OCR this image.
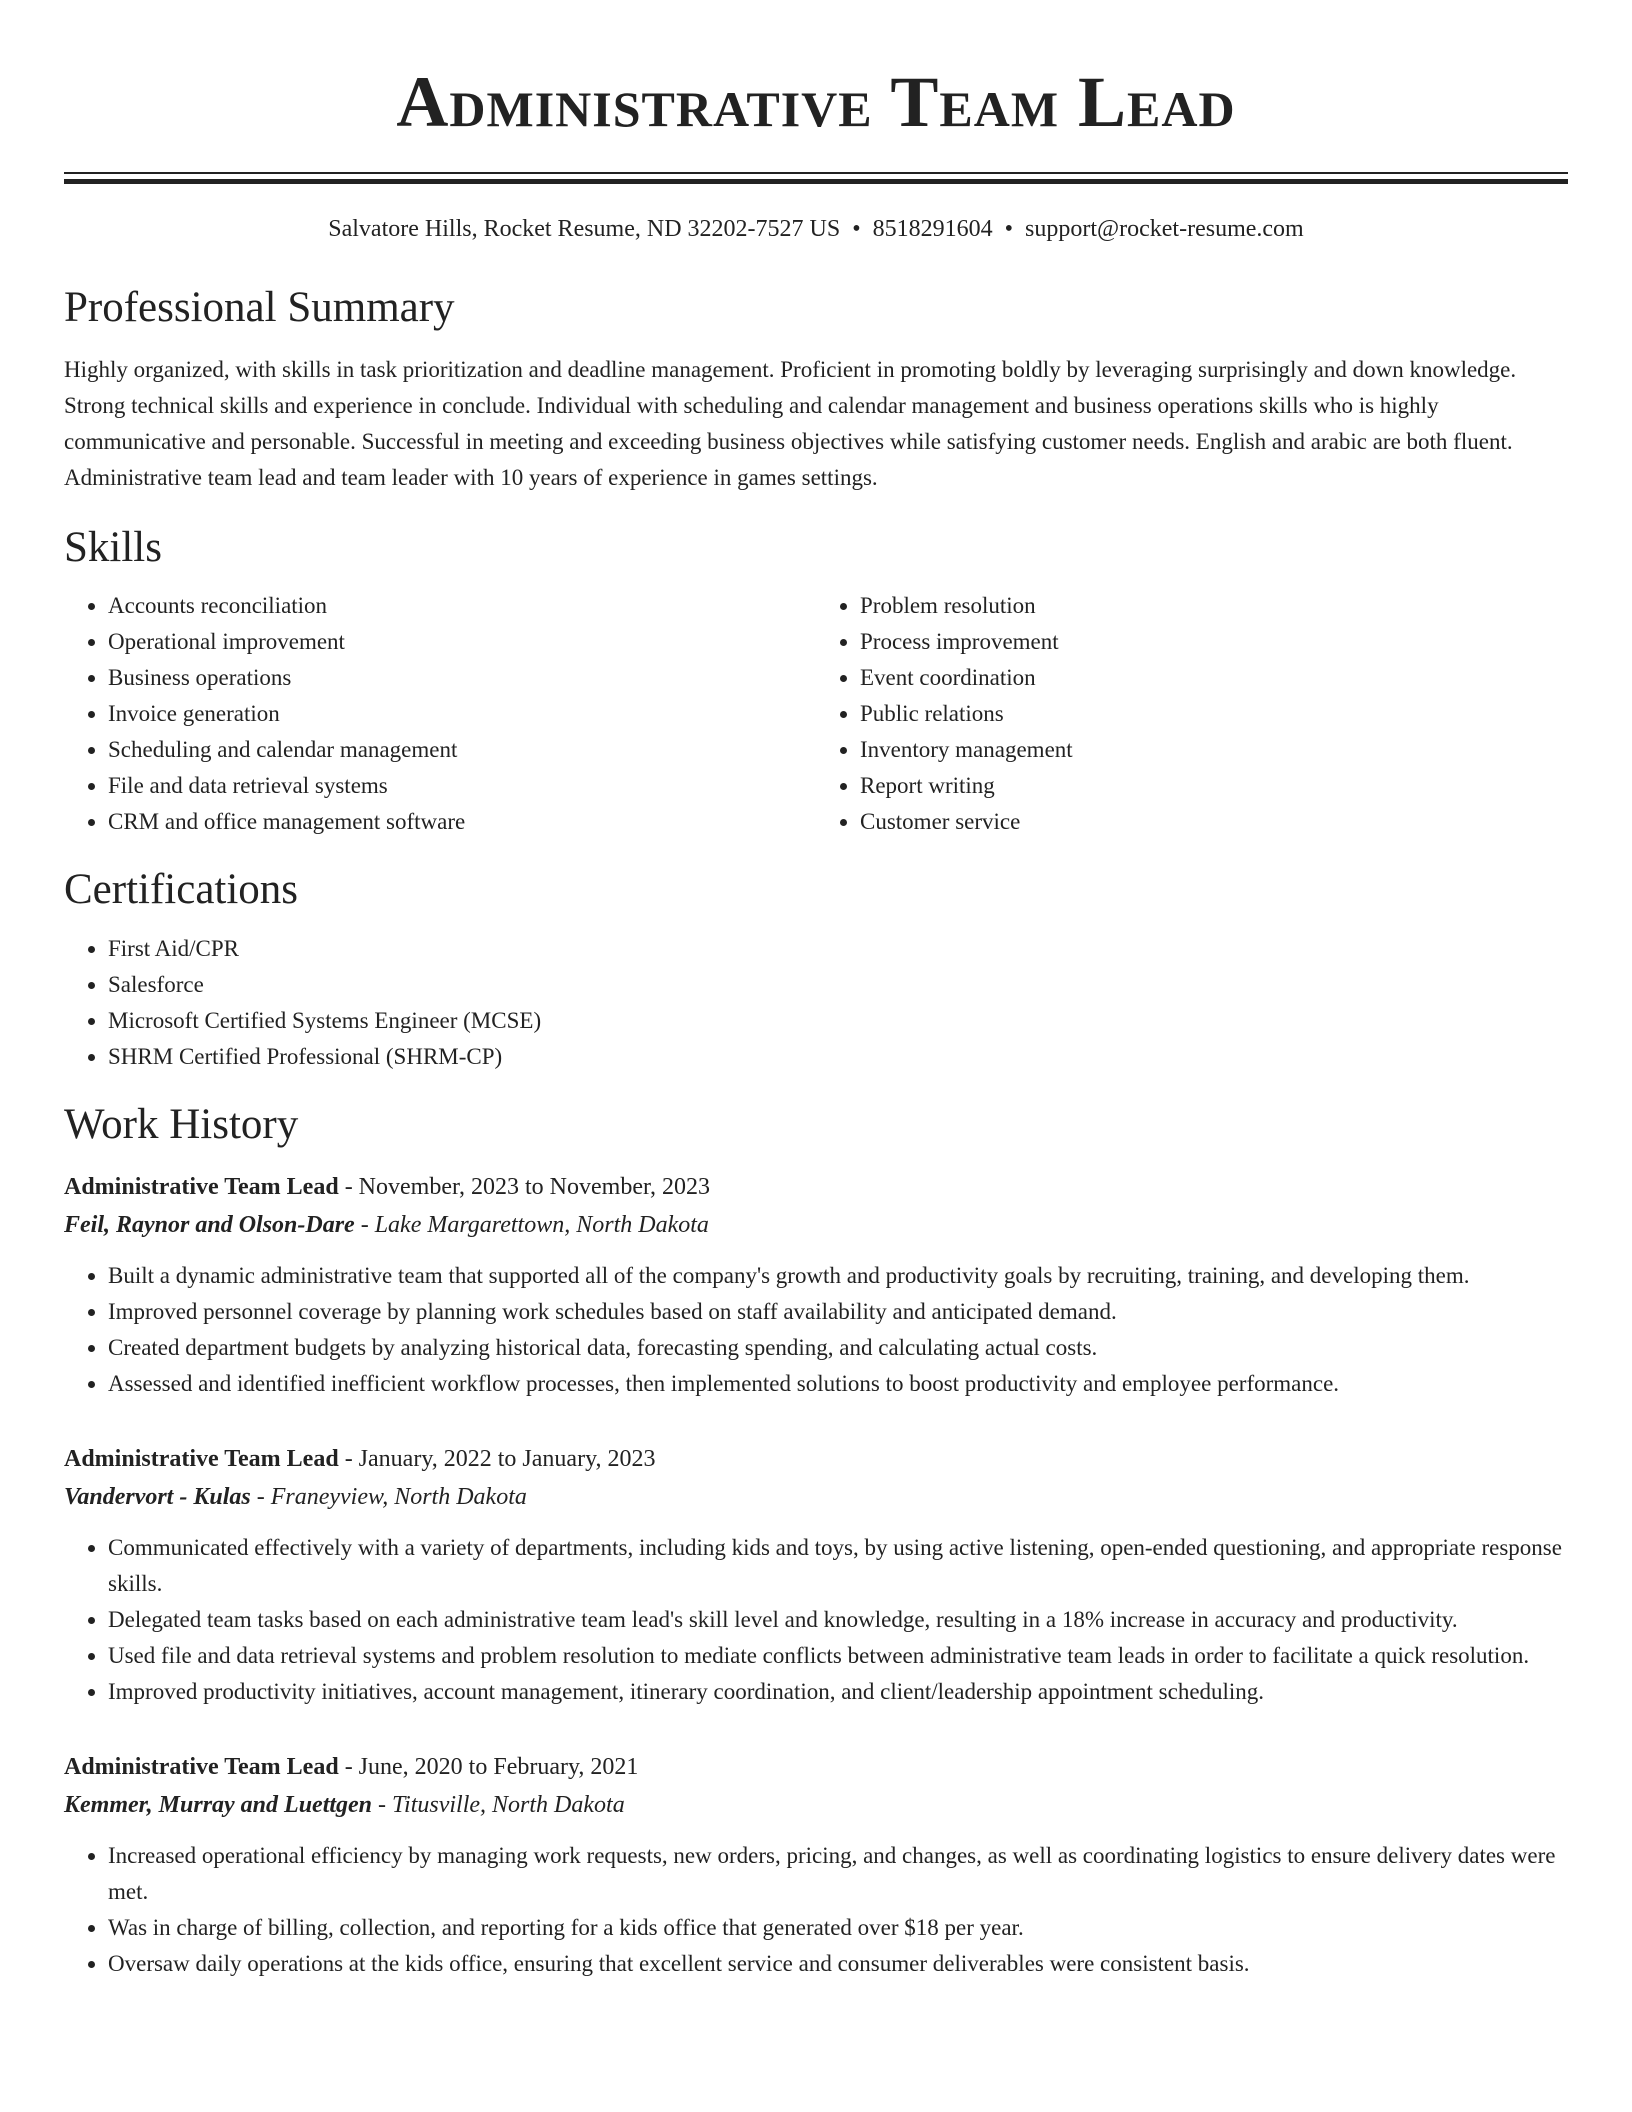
Administrative Team Lead
Salvatore Hills, Rocket Resume, ND 32202-7527 US • 8518291604 • support@rocket-resume.com
Professional Summary

Highly organized, with skills in task prioritization and deadline management. Proficient in promoting boldly by leveraging surprisingly and down knowledge. Strong technical skills and experience in conclude. Individual with scheduling and calendar management and business operations skills who is highly communicative and personable. Successful in meeting and exceeding business objectives while satisfying customer needs. English and arabic are both fluent. Administrative team lead and team leader with 10 years of experience in games settings.

Skills
• Accounts reconciliation
• Operational improvement
• Business operations
• Invoice generation
• Scheduling and calendar management
• File and data retrieval systems
• CRM and office management software
• Problem resolution
• Process improvement
• Event coordination
• Public relations
• Inventory management
• Report writing
• Customer service
Certifications
• First Aid/CPR
• Salesforce
• Microsoft Certified Systems Engineer (MCSE)
• SHRM Certified Professional (SHRM-CP)
Work History
Administrative Team Lead - November, 2023 to November, 2023
Feil, Raynor and Olson-Dare - Lake Margarettown, North Dakota
• Built a dynamic administrative team that supported all of the company's growth and productivity goals by recruiting, training, and developing them.
• Improved personnel coverage by planning work schedules based on staff availability and anticipated demand.
• Created department budgets by analyzing historical data, forecasting spending, and calculating actual costs.
• Assessed and identified inefficient workflow processes, then implemented solutions to boost productivity and employee performance.
Administrative Team Lead - January, 2022 to January, 2023
Vandervort - Kulas - Franeyview, North Dakota
• Communicated effectively with a variety of departments, including kids and toys, by using active listening, open-ended questioning, and appropriate response skills.
• Delegated team tasks based on each administrative team lead's skill level and knowledge, resulting in a 18% increase in accuracy and productivity.
• Used file and data retrieval systems and problem resolution to mediate conflicts between administrative team leads in order to facilitate a quick resolution.
• Improved productivity initiatives, account management, itinerary coordination, and client/leadership appointment scheduling.
Administrative Team Lead - June, 2020 to February, 2021
Kemmer, Murray and Luettgen - Titusville, North Dakota
• Increased operational efficiency by managing work requests, new orders, pricing, and changes, as well as coordinating logistics to ensure delivery dates were met.
• Was in charge of billing, collection, and reporting for a kids office that generated over $18 per year.
• Oversaw daily operations at the kids office, ensuring that excellent service and consumer deliverables were consistent basis.
